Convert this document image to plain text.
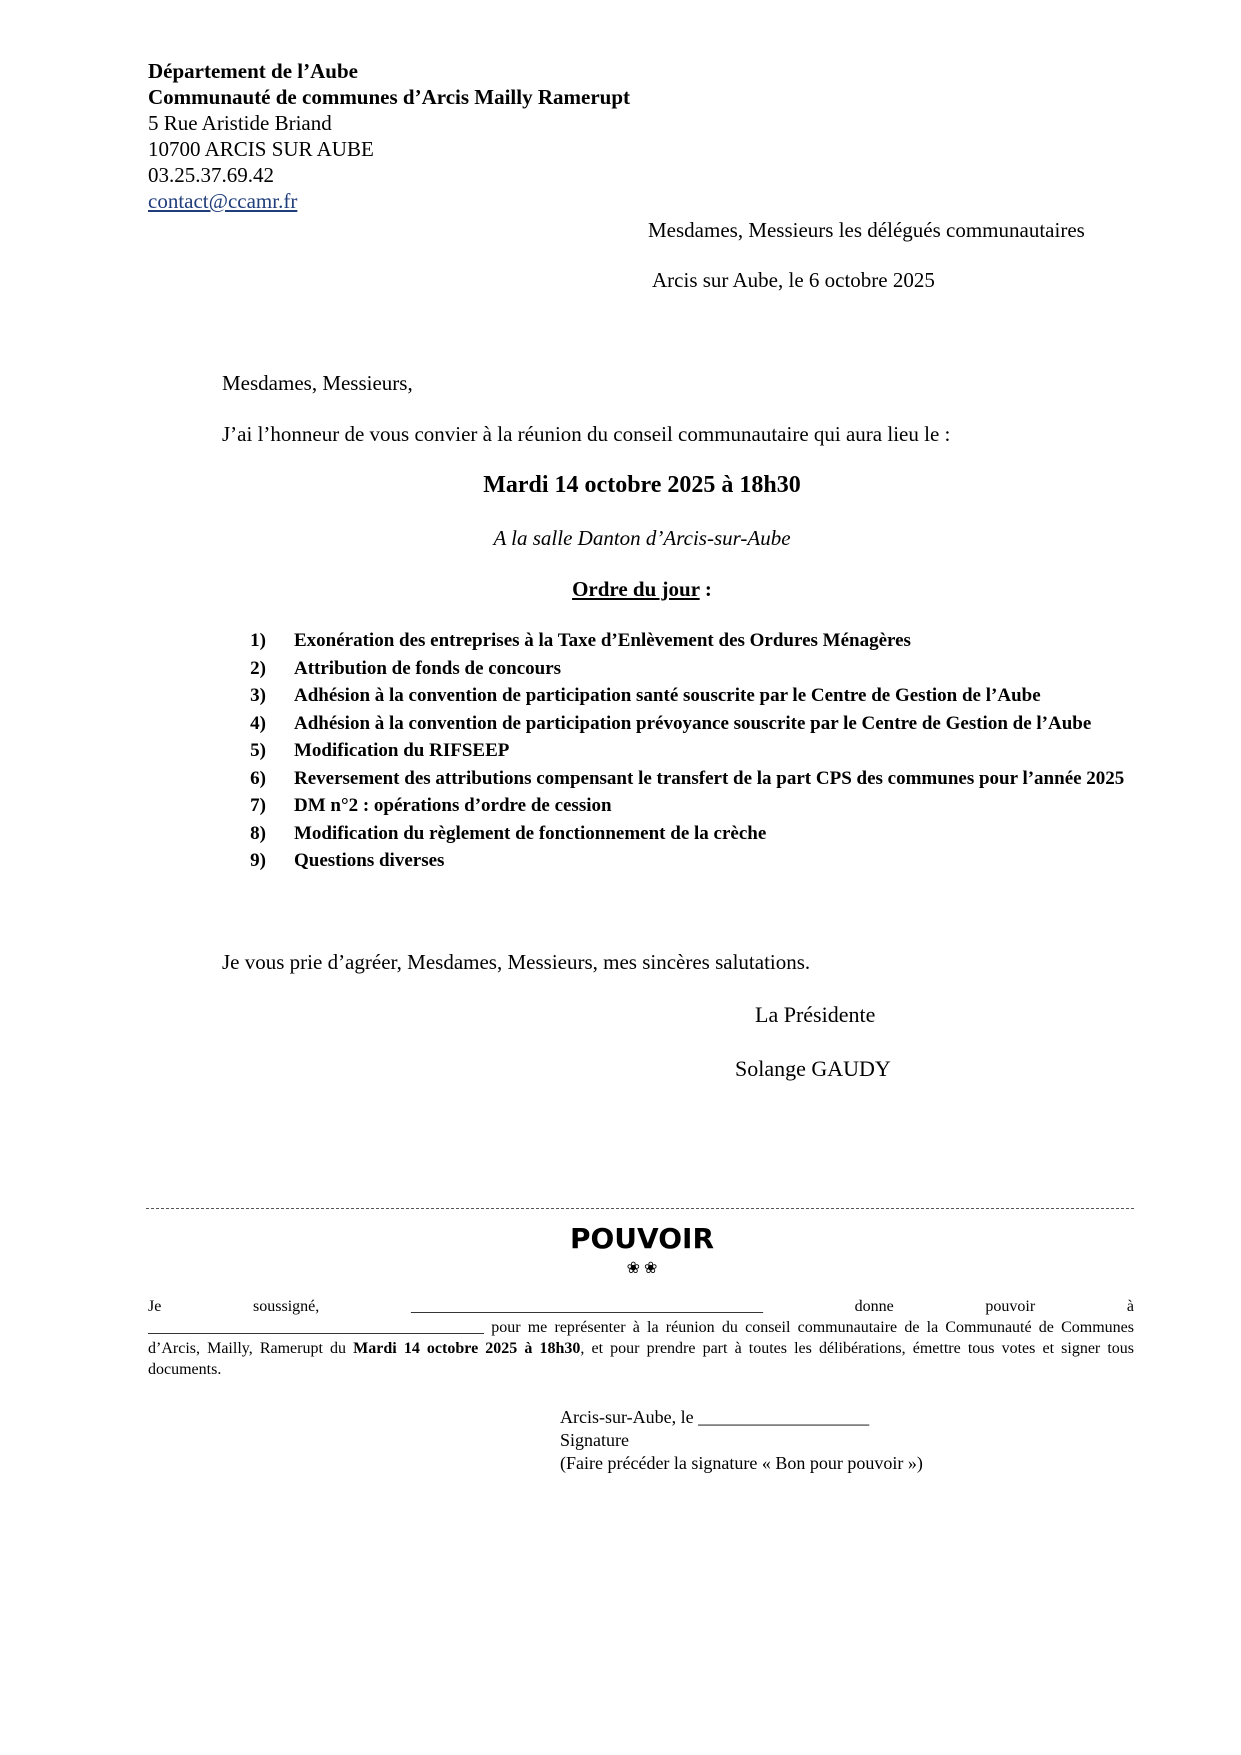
Département de l’Aube
Communauté de communes d’Arcis Mailly Ramerupt
5 Rue Aristide Briand
10700 ARCIS SUR AUBE
03.25.37.69.42
contact@ccamr.fr
Mesdames, Messieurs les délégués communautaires
Arcis sur Aube, le 6 octobre 2025
Mesdames, Messieurs,
J’ai l’honneur de vous convier à la réunion du conseil communautaire qui aura lieu le :
Mardi 14 octobre 2025 à 18h30
A la salle Danton d’Arcis-sur-Aube
Ordre du jour :
1)	Exonération des entreprises à la Taxe d’Enlèvement des Ordures Ménagères
2)	Attribution de fonds de concours
3)	Adhésion à la convention de participation santé souscrite par le Centre de Gestion de l’Aube
4)	Adhésion à la convention de participation prévoyance souscrite par le Centre de Gestion de l’Aube
5)	Modification du RIFSEEP
6)	Reversement des attributions compensant le transfert de la part CPS des communes pour l’année 2025
7)	DM n°2 : opérations d’ordre de cession
8)	Modification du règlement de fonctionnement de la crèche
9)	Questions diverses
Je vous prie d’agréer, Mesdames, Messieurs, mes sincères salutations.
La Présidente
Solange GAUDY
POUVOIR
❀ ❀
Je	soussigné,	____________________________________________	donne	pouvoir	à
__________________________________________ pour me représenter à la réunion du conseil communautaire de la Communauté de Communes d’Arcis, Mailly, Ramerupt du Mardi 14 octobre 2025 à 18h30, et pour prendre part à toutes les délibérations, émettre tous votes et signer tous documents.
Arcis-sur-Aube, le ___________________
Signature
(Faire précéder la signature « Bon pour pouvoir »)
